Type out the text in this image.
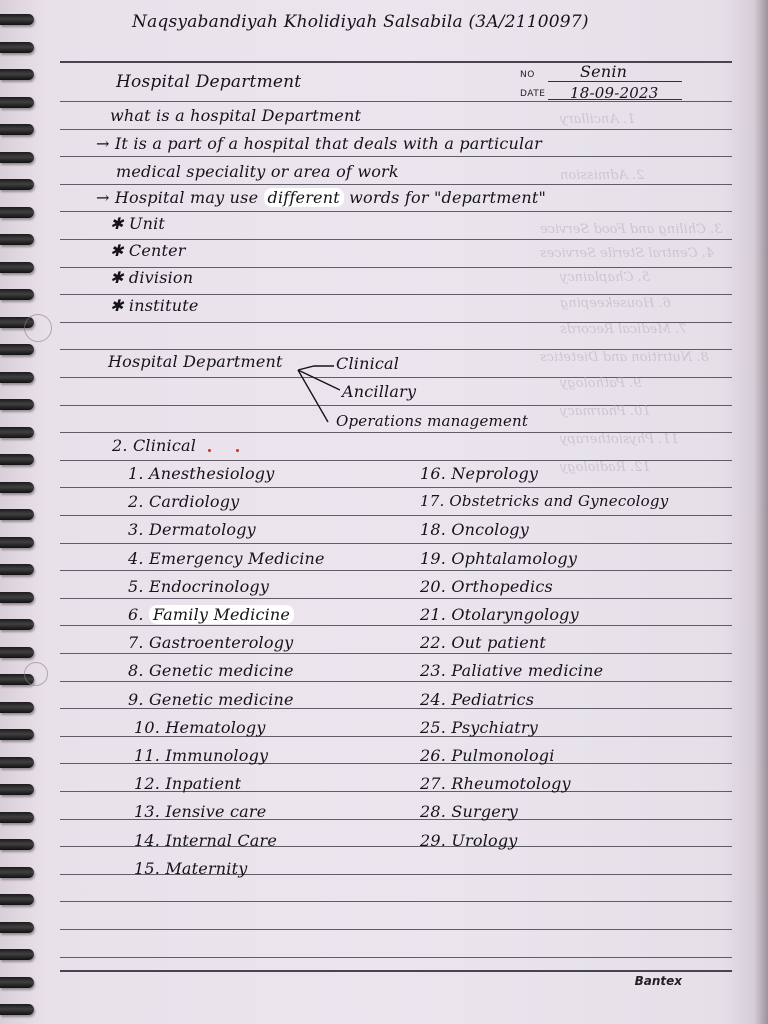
1. Ancillary
2. Admission
3. Chiling and Food Service
4. Central Sterile Services
5. Chaplaincy
6. Housekeeping
7. Medical Records
8. Nutrition and Dietetics
9. Pathology
10. Pharmacy
11. Physiotherapy
12. Radiology
Naqsyabandiyah Kholidiyah Salsabila (3A/2110097)
Hospital Department	NO
DATE
Senin
18-09-2023
what is a hospital Department
→ It is a part of a hospital that deals with a particular
medical speciality or area of work
→ Hospital may use different words for "department"
✱ Unit
✱ Center
✱ division
✱ institute
Hospital Department	Clinical
Ancillary
Operations management
2. Clinical
1. Anesthesiology
2. Cardiology
3. Dermatology
4. Emergency Medicine
5. Endocrinology
6. Family Medicine
7. Gastroenterology
8. Genetic medicine
9. Genetic medicine
10. Hematology
11. Immunology
12. Inpatient
13. Iensive care
14. Internal Care
15. Maternity
16. Neprology
17. Obstetricks and Gynecology
18. Oncology
19. Ophtalamology
20. Orthopedics
21. Otolaryngology
22. Out patient
23. Paliative medicine
24. Pediatrics
25. Psychiatry
26. Pulmonologi
27. Rheumotology
28. Surgery
29. Urology
Bantex
